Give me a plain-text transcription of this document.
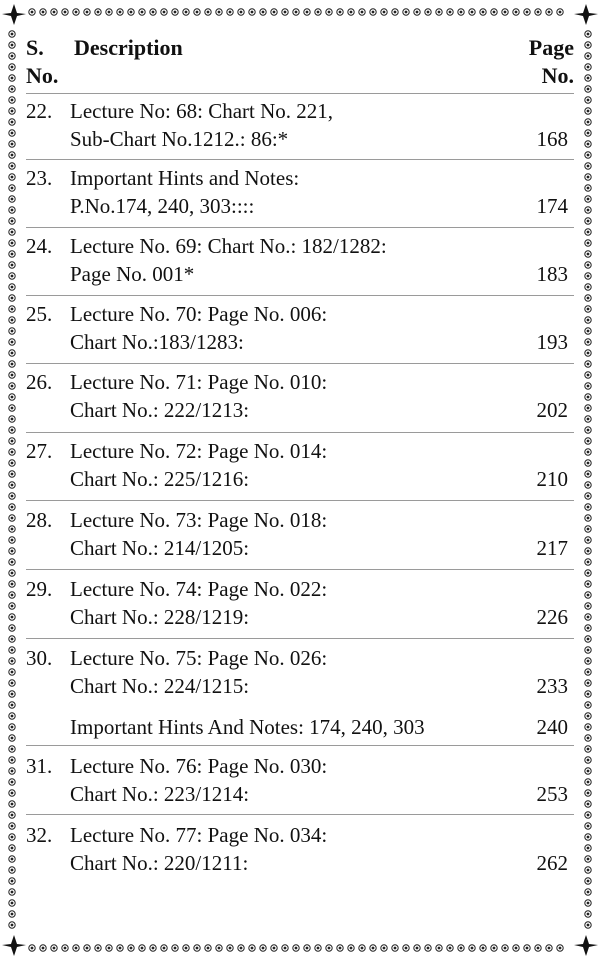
S.
No.
Description	Page
No.
22. Lecture No: 68: Chart No. 221,
Sub-Chart No.1212.: 86:*	168
23. Important Hints and Notes:
P.No.174, 240, 303::::	174
24. Lecture No. 69: Chart No.: 182/1282:
Page No. 001*	183
25. Lecture No. 70: Page No. 006:
Chart No.:183/1283:	193
26. Lecture No. 71: Page No. 010:
Chart No.: 222/1213:	202
27. Lecture No. 72: Page No. 014:
Chart No.: 225/1216:	210
28. Lecture No. 73: Page No. 018:
Chart No.: 214/1205:	217
29. Lecture No. 74: Page No. 022:
Chart No.: 228/1219:	226
30. Lecture No. 75: Page No. 026:
Chart No.: 224/1215:	233
Important Hints And Notes: 174, 240, 303	240
31. Lecture No. 76: Page No. 030:
Chart No.: 223/1214:	253
32. Lecture No. 77: Page No. 034:
Chart No.: 220/1211:	262
